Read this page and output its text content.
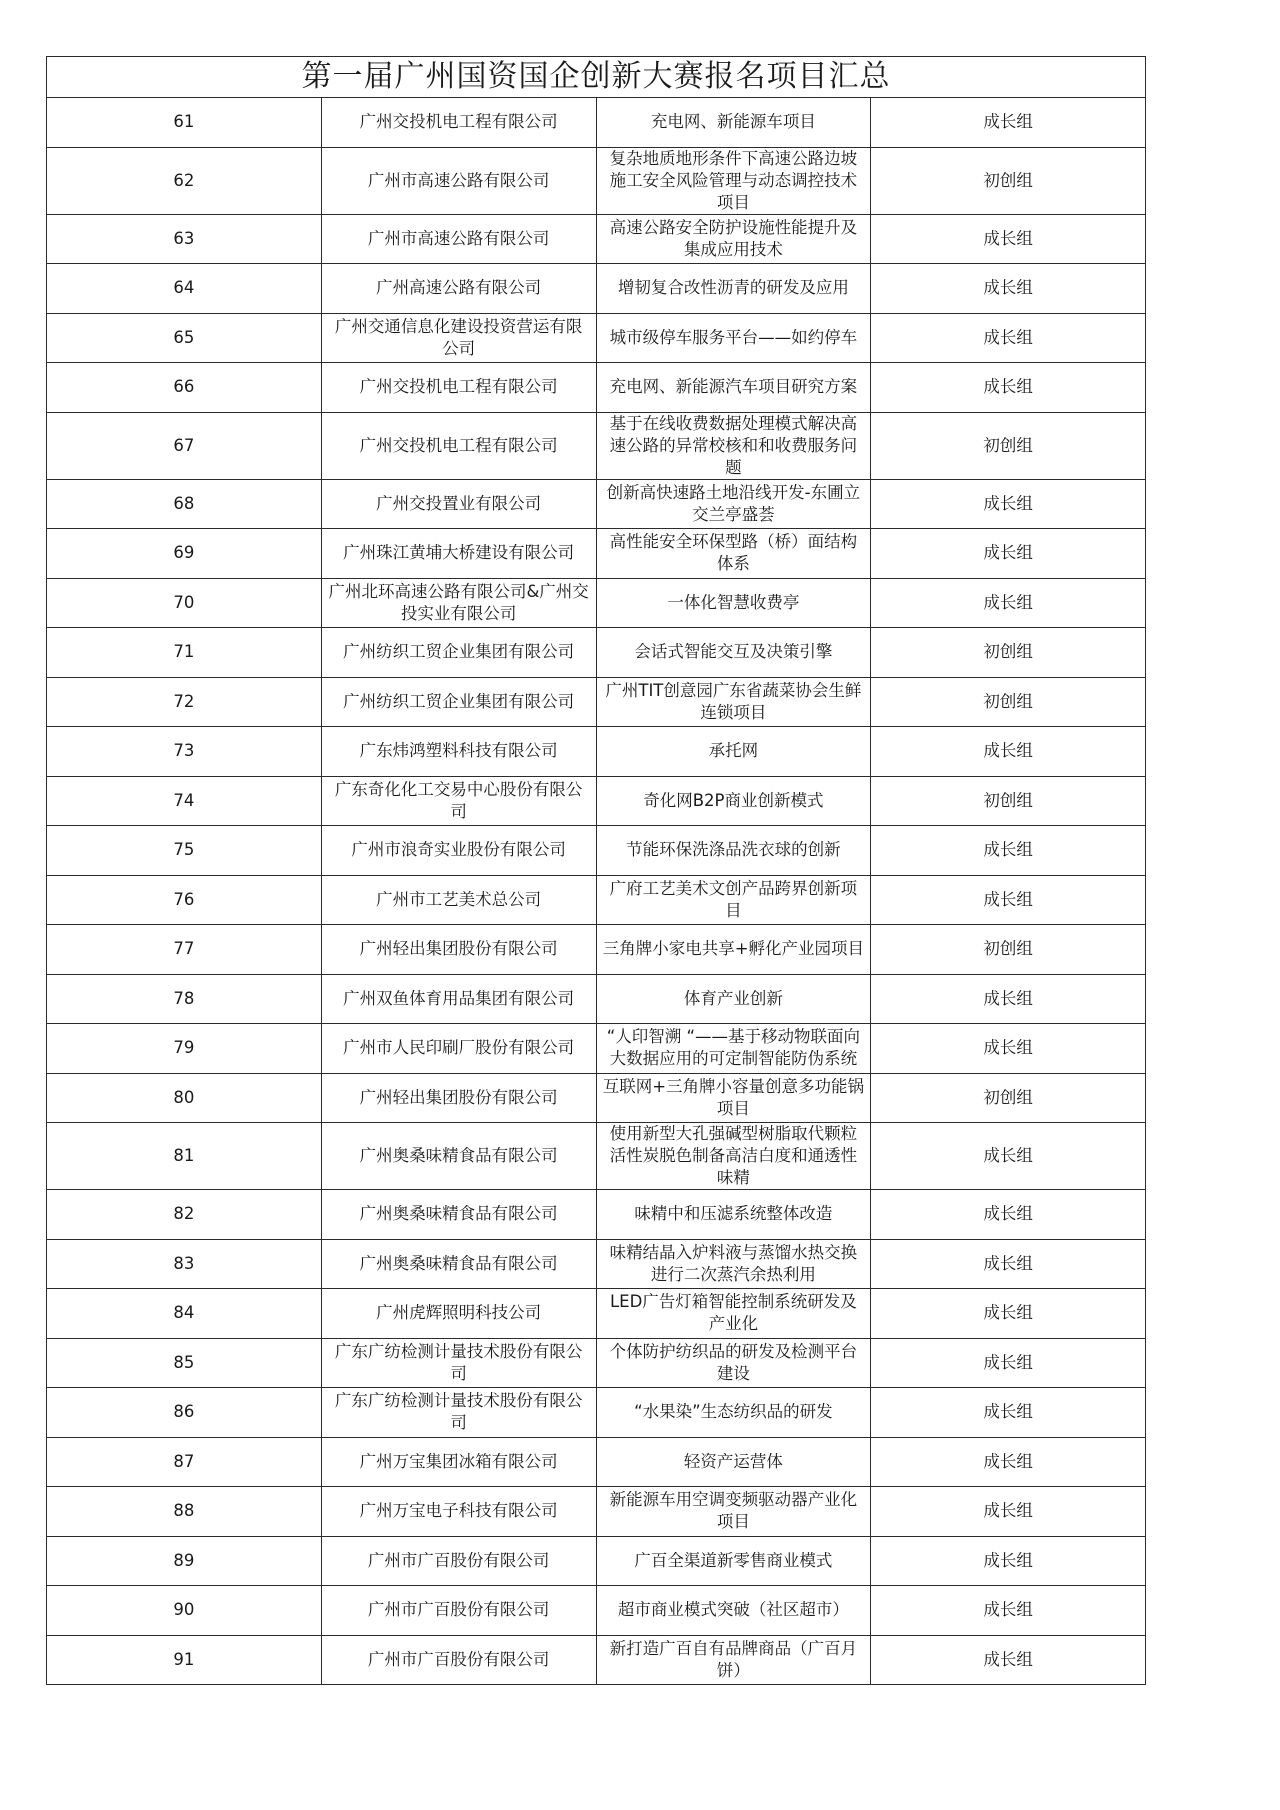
第一届广州国资国企创新大赛报名项目汇总			
61	广州交投机电工程有限公司	充电网、新能源车项目	成长组
62	广州市高速公路有限公司	复杂地质地形条件下高速公路边坡施工安全风险管理与动态调控技术项目	初创组
63	广州市高速公路有限公司	高速公路安全防护设施性能提升及集成应用技术	成长组
64	广州高速公路有限公司	增韧复合改性沥青的研发及应用	成长组
65	广州交通信息化建设投资营运有限公司	城市级停车服务平台——如约停车	成长组
66	广州交投机电工程有限公司	充电网、新能源汽车项目研究方案	成长组
67	广州交投机电工程有限公司	基于在线收费数据处理模式解决高速公路的异常校核和和收费服务问题	初创组
68	广州交投置业有限公司	创新高快速路土地沿线开发-东圃立交兰亭盛荟	成长组
69	广州珠江黄埔大桥建设有限公司	高性能安全环保型路（桥）面结构体系	成长组
70	广州北环高速公路有限公司&广州交投实业有限公司	一体化智慧收费亭	成长组
71	广州纺织工贸企业集团有限公司	会话式智能交互及决策引擎	初创组
72	广州纺织工贸企业集团有限公司	广州TIT创意园广东省蔬菜协会生鲜连锁项目	初创组
73	广东炜鸿塑料科技有限公司	承托网	成长组
74	广东奇化化工交易中心股份有限公司	奇化网B2P商业创新模式	初创组
75	广州市浪奇实业股份有限公司	节能环保洗涤品洗衣球的创新	成长组
76	广州市工艺美术总公司	广府工艺美术文创产品跨界创新项目	成长组
77	广州轻出集团股份有限公司	三角牌小家电共享+孵化产业园项目	初创组
78	广州双鱼体育用品集团有限公司	体育产业创新	成长组
79	广州市人民印刷厂股份有限公司	“人印智溯 “——基于移动物联面向大数据应用的可定制智能防伪系统	成长组
80	广州轻出集团股份有限公司	互联网+三角牌小容量创意多功能锅项目	初创组
81	广州奥桑味精食品有限公司	使用新型大孔强碱型树脂取代颗粒活性炭脱色制备高洁白度和通透性味精	成长组
82	广州奥桑味精食品有限公司	味精中和压滤系统整体改造	成长组
83	广州奥桑味精食品有限公司	味精结晶入炉料液与蒸馏水热交换进行二次蒸汽余热利用	成长组
84	广州虎辉照明科技公司	LED广告灯箱智能控制系统研发及产业化	成长组
85	广东广纺检测计量技术股份有限公司	个体防护纺织品的研发及检测平台建设	成长组
86	广东广纺检测计量技术股份有限公司	“水果染”生态纺织品的研发	成长组
87	广州万宝集团冰箱有限公司	轻资产运营体	成长组
88	广州万宝电子科技有限公司	新能源车用空调变频驱动器产业化项目	成长组
89	广州市广百股份有限公司	广百全渠道新零售商业模式	成长组
90	广州市广百股份有限公司	超市商业模式突破（社区超市）	成长组
91	广州市广百股份有限公司	新打造广百自有品牌商品（广百月饼）	成长组
